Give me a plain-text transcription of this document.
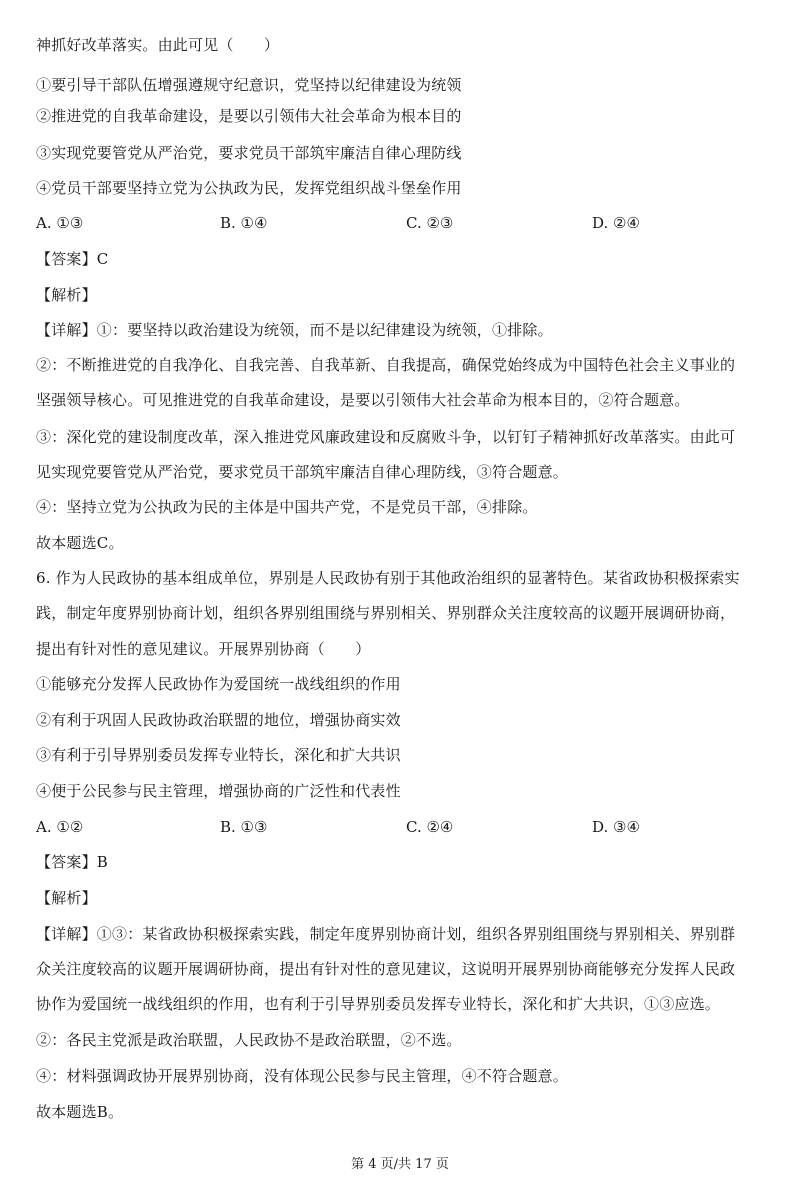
神抓好改革落实。由此可见（　　）
①要引导干部队伍增强遵规守纪意识，党坚持以纪律建设为统领
②推进党的自我革命建设，是要以引领伟大社会革命为根本目的
③实现党要管党从严治党，要求党员干部筑牢廉洁自律心理防线
④党员干部要坚持立党为公执政为民，发挥党组织战斗堡垒作用
A. ①③	B. ①④	C. ②③	D. ②④
【答案】C
【解析】
【详解】①：要坚持以政治建设为统领，而不是以纪律建设为统领，①排除。
②：不断推进党的自我净化、自我完善、自我革新、自我提高，确保党始终成为中国特色社会主义事业的
坚强领导核心。可见推进党的自我革命建设，是要以引领伟大社会革命为根本目的，②符合题意。
③：深化党的建设制度改革，深入推进党风廉政建设和反腐败斗争，以钉钉子精神抓好改革落实。由此可
见实现党要管党从严治党，要求党员干部筑牢廉洁自律心理防线，③符合题意。
④：坚持立党为公执政为民的主体是中国共产党，不是党员干部，④排除。
故本题选C。
6. 作为人民政协的基本组成单位，界别是人民政协有别于其他政治组织的显著特色。某省政协积极探索实
践，制定年度界别协商计划，组织各界别组围绕与界别相关、界别群众关注度较高的议题开展调研协商，
提出有针对性的意见建议。开展界别协商（　　）
①能够充分发挥人民政协作为爱国统一战线组织的作用
②有利于巩固人民政协政治联盟的地位，增强协商实效
③有利于引导界别委员发挥专业特长，深化和扩大共识
④便于公民参与民主管理，增强协商的广泛性和代表性
A. ①②	B. ①③	C. ②④	D. ③④
【答案】B
【解析】
【详解】①③：某省政协积极探索实践，制定年度界别协商计划，组织各界别组围绕与界别相关、界别群
众关注度较高的议题开展调研协商，提出有针对性的意见建议，这说明开展界别协商能够充分发挥人民政
协作为爱国统一战线组织的作用，也有利于引导界别委员发挥专业特长，深化和扩大共识，①③应选。
②：各民主党派是政治联盟，人民政协不是政治联盟，②不选。
④：材料强调政协开展界别协商，没有体现公民参与民主管理，④不符合题意。
故本题选B。
第 4 页/共 17 页
